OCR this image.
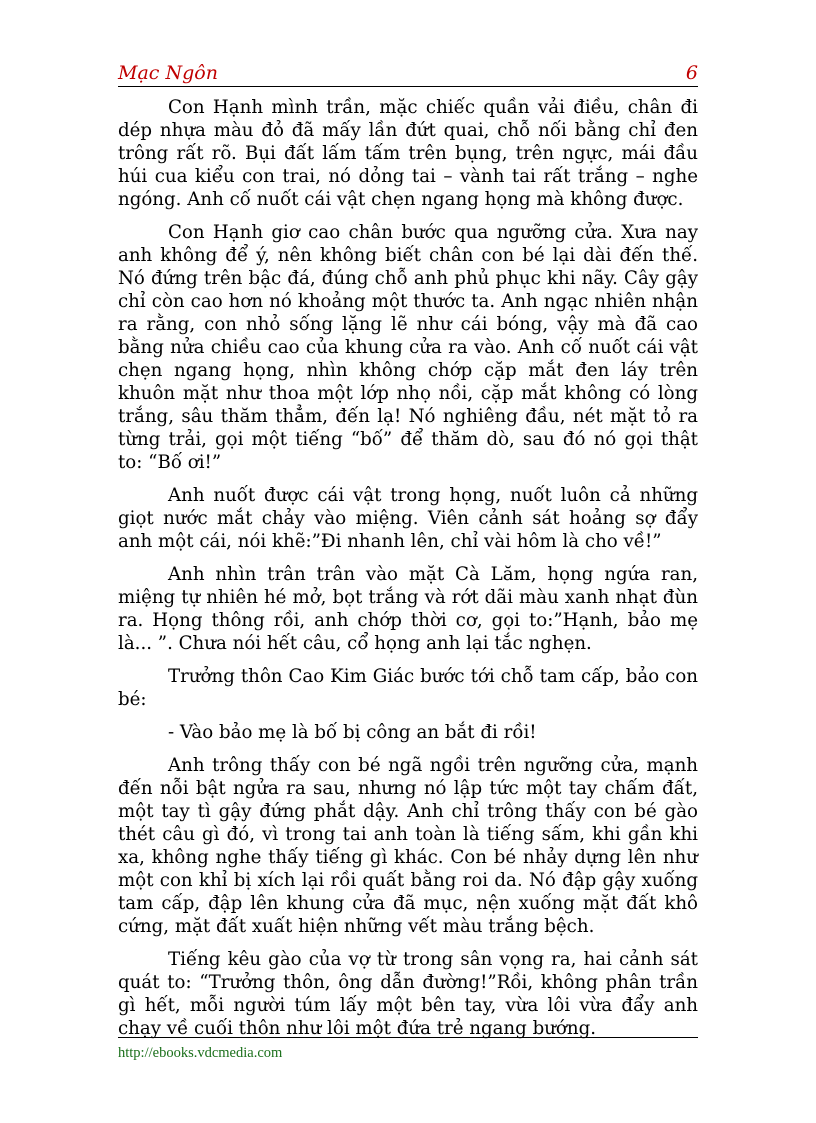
Mạc Ngôn	6

Con Hạnh mình trần, mặc chiếc quần vải điều, chân đi dép nhựa màu đỏ đã mấy lần đứt quai, chỗ nối bằng chỉ đen trông rất rõ. Bụi đất lấm tấm trên bụng, trên ngực, mái đầu húi cua kiểu con trai, nó dỏng tai – vành tai rất trắng – nghe ngóng. Anh cố nuốt cái vật chẹn ngang họng mà không được.

Con Hạnh giơ cao chân bước qua ngưỡng cửa. Xưa nay anh không để ý, nên không biết chân con bé lại dài đến thế. Nó đứng trên bậc đá, đúng chỗ anh phủ phục khi nãy. Cây gậy chỉ còn cao hơn nó khoảng một thước ta. Anh ngạc nhiên nhận ra rằng, con nhỏ sống lặng lẽ như cái bóng, vậy mà đã cao bằng nửa chiều cao của khung cửa ra vào. Anh cố nuốt cái vật chẹn ngang họng, nhìn không chớp cặp mắt đen láy trên khuôn mặt như thoa một lớp nhọ nồi, cặp mắt không có lòng trắng, sâu thăm thẳm, đến lạ! Nó nghiêng đầu, nét mặt tỏ ra từng trải, gọi một tiếng “bố” để thăm dò, sau đó nó gọi thật to: “Bố ơi!”

Anh nuốt được cái vật trong họng, nuốt luôn cả những giọt nước mắt chảy vào miệng. Viên cảnh sát hoảng sợ đẩy anh một cái, nói khẽ:”Đi nhanh lên, chỉ vài hôm là cho về!”

Anh nhìn trân trân vào mặt Cà Lăm, họng ngứa ran, miệng tự nhiên hé mở, bọt trắng và rớt dãi màu xanh nhạt đùn ra. Họng thông rồi, anh chớp thời cơ, gọi to:”Hạnh, bảo mẹ là... ”. Chưa nói hết câu, cổ họng anh lại tắc nghẹn.

Trưởng thôn Cao Kim Giác bước tới chỗ tam cấp, bảo con bé:

- Vào bảo mẹ là bố bị công an bắt đi rồi!

Anh trông thấy con bé ngã ngồi trên ngưỡng cửa, mạnh đến nỗi bật ngửa ra sau, nhưng nó lập tức một tay chấm đất, một tay tì gậy đứng phắt dậy. Anh chỉ trông thấy con bé gào thét câu gì đó, vì trong tai anh toàn là tiếng sấm, khi gần khi xa, không nghe thấy tiếng gì khác. Con bé nhảy dựng lên như một con khỉ bị xích lại rồi quất bằng roi da. Nó đập gậy xuống tam cấp, đập lên khung cửa đã mục, nện xuống mặt đất khô cứng, mặt đất xuất hiện những vết màu trắng bệch.

Tiếng kêu gào của vợ từ trong sân vọng ra, hai cảnh sát quát to: “Trưởng thôn, ông dẫn đường!”Rồi, không phân trần gì hết, mỗi người túm lấy một bên tay, vừa lôi vừa đẩy anh chạy về cuối thôn như lôi một đứa trẻ ngang bướng.

http://ebooks.vdcmedia.com
